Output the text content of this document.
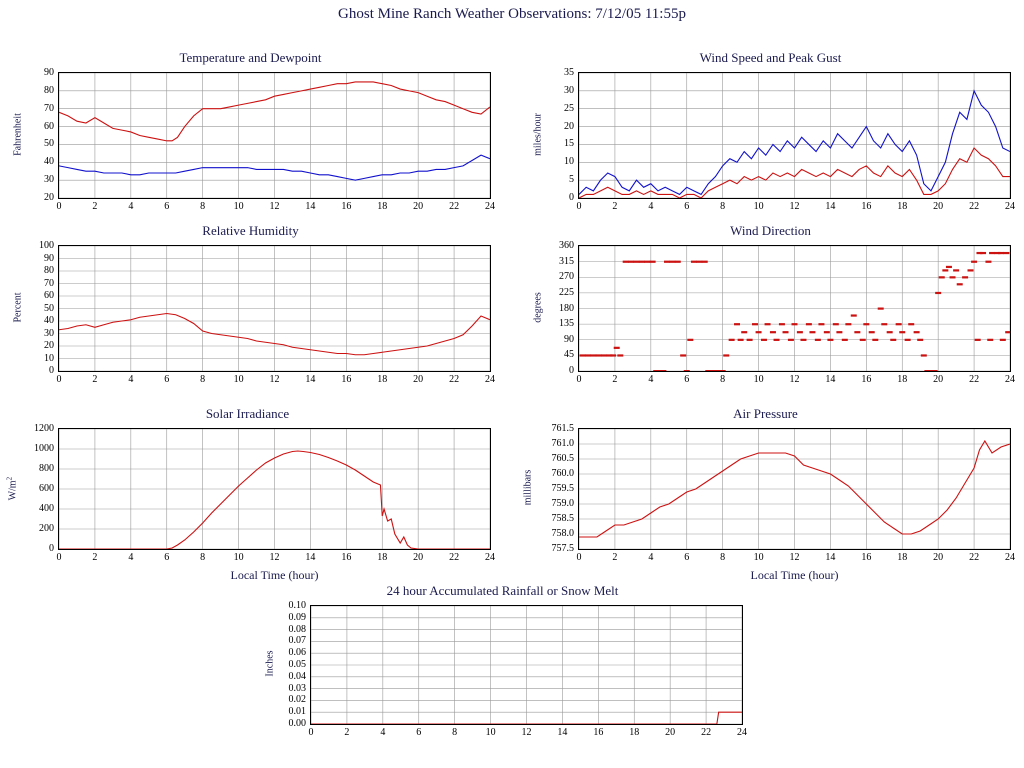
Ghost Mine Ranch Weather Observations: 7/12/05 11:55p
Temperature and Dewpoint	Wind Speed and Peak Gust
Relative Humidity	Wind Direction
Solar Irradiance	Air Pressure
24 hour Accumulated Rainfall or Snow Melt
20
30
40
50
60
70
80
90
0	2	4	6	8	10	12	14	16	18	20	22	24
Fahrenheit
0
5
10
15
20
25
30
35
0	2	4	6	8	10	12	14	16	18	20	22	24
miles/hour
0
10
20
30
40
50
60
70
80
90
100
0	2	4	6	8	10	12	14	16	18	20	22	24
Percent
0
45
90
135
180
225
270
315
360
0	2	4	6	8	10	12	14	16	18	20	22	24
degrees
0
200
400
600
800
1000
1200
0	2	4	6	8	10	12	14	16	18	20	22	24
$W/m^2$
Local Time (hour)
757.5
758.0
758.5
759.0
759.5
760.0
760.5
761.0
761.5
0	2	4	6	8	10	12	14	16	18	20	22	24
millibars
Local Time (hour)
0.00
0.01
0.02
0.03
0.04
0.05
0.06
0.07
0.08
0.09
0.10
0	2	4	6	8	10	12	14	16	18	20	22	24
Inches
